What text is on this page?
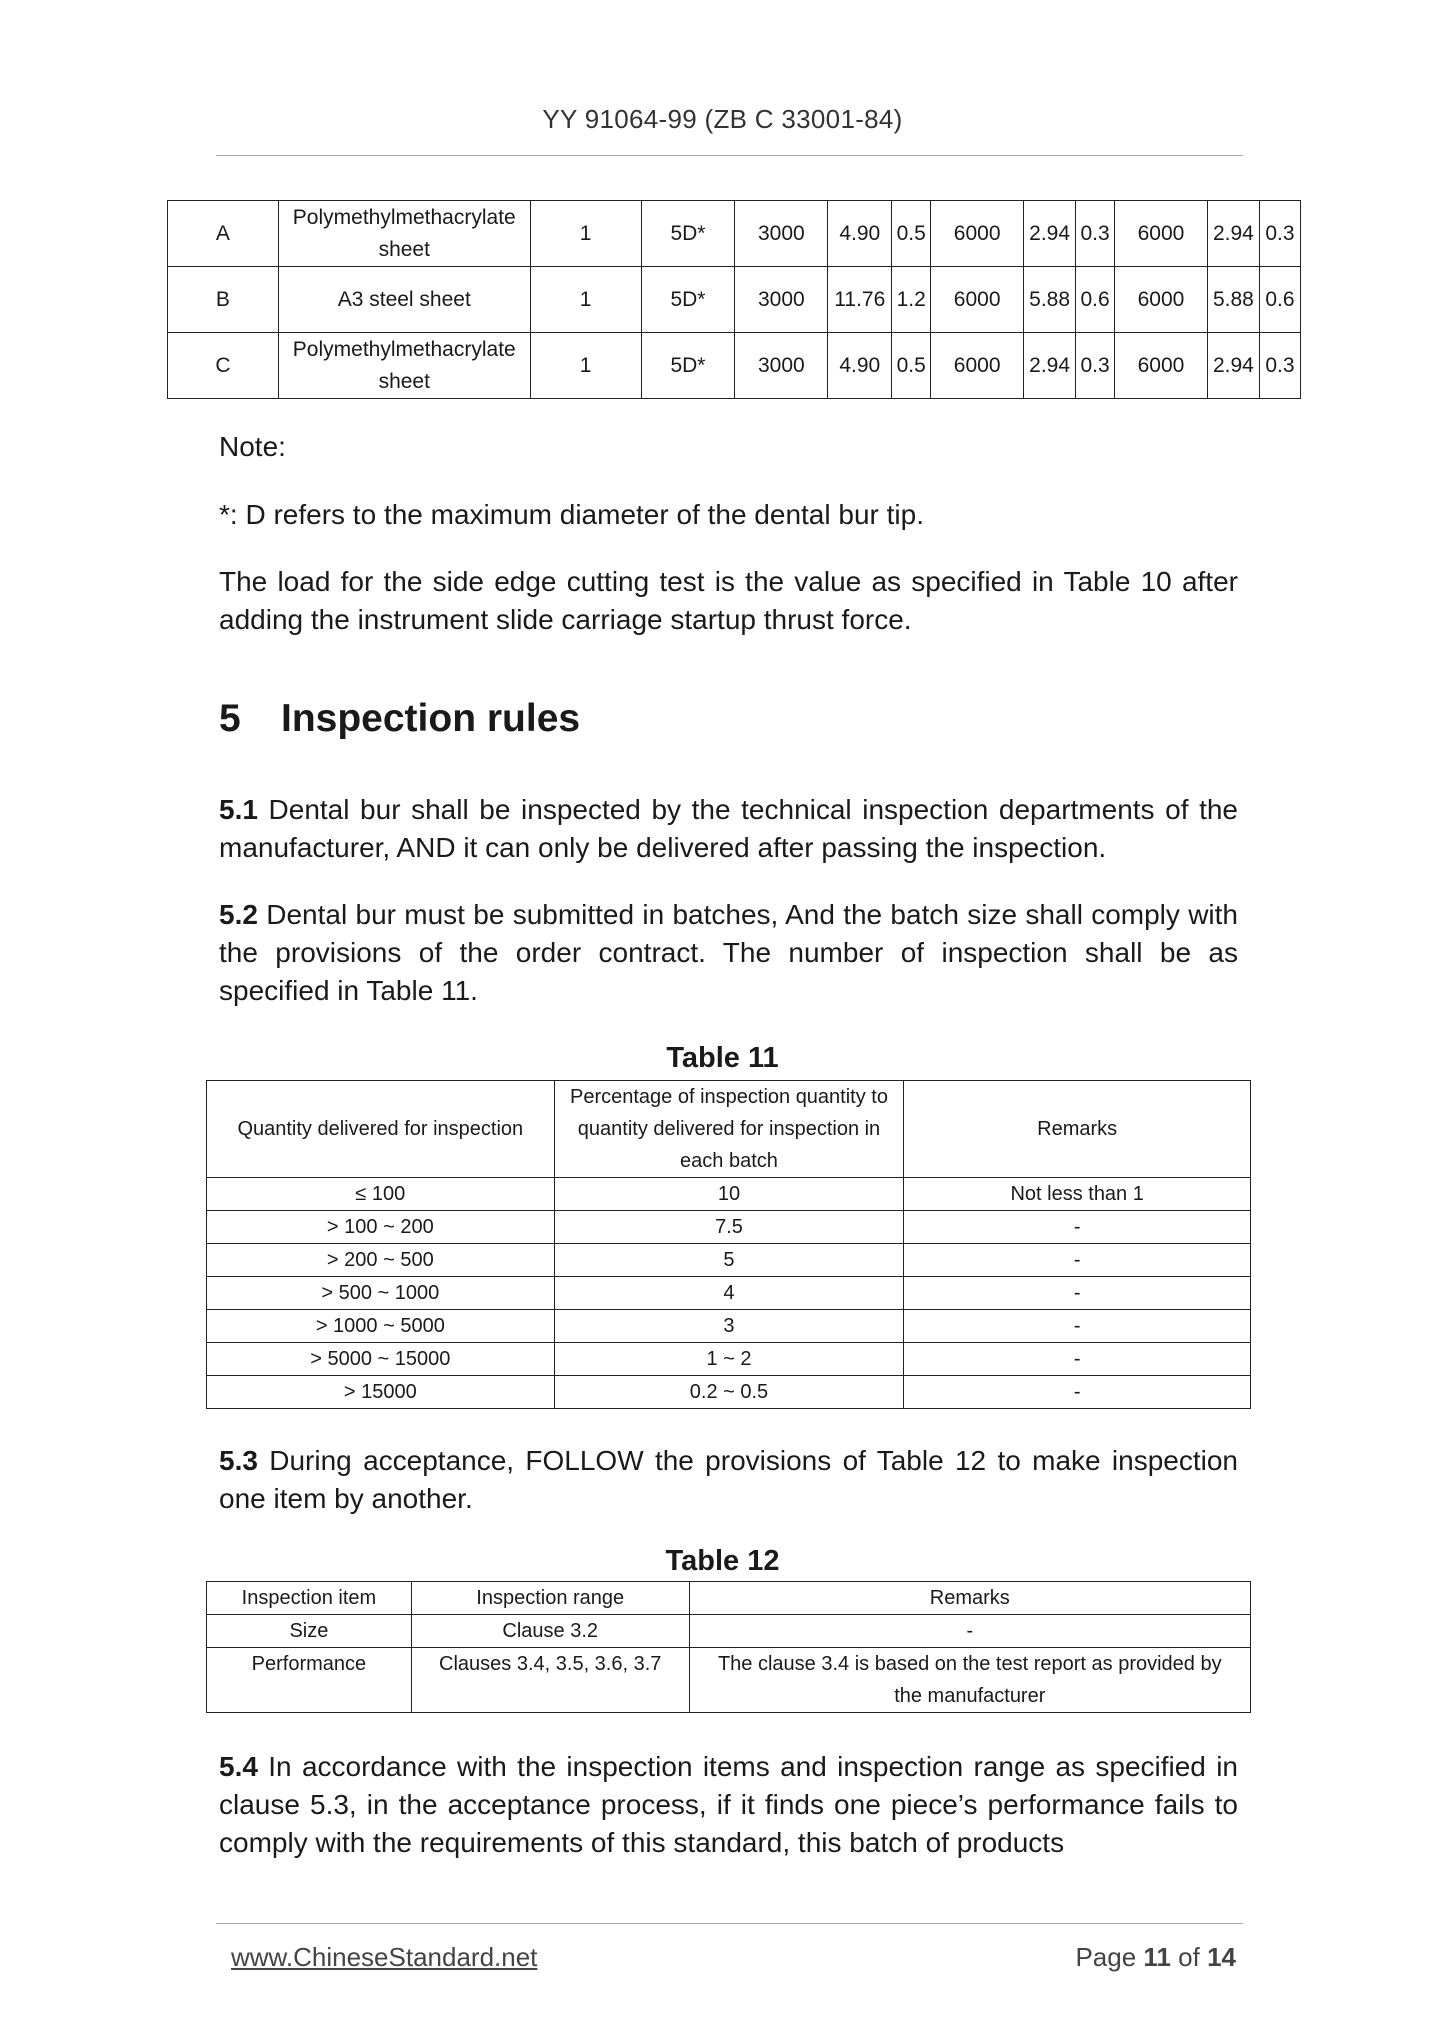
YY 91064-99 (ZB C 33001-84)
A	Polymethylmethacrylate sheet	1	5D*	3000	4.90	0.5	6000	2.94	0.3	6000	2.94	0.3
B	A3 steel sheet	1	5D*	3000	11.76	1.2	6000	5.88	0.6	6000	5.88	0.6
C	Polymethylmethacrylate sheet	1	5D*	3000	4.90	0.5	6000	2.94	0.3	6000	2.94	0.3
Note:
*: D refers to the maximum diameter of the dental bur tip.
The load for the side edge cutting test is the value as specified in Table 10 after adding the instrument slide carriage startup thrust force.
5 Inspection rules
5.1 Dental bur shall be inspected by the technical inspection departments of the manufacturer, AND it can only be delivered after passing the inspection.
5.2 Dental bur must be submitted in batches, And the batch size shall comply with the provisions of the order contract. The number of inspection shall be as specified in Table 11.
Table 11
Quantity delivered for inspection	Percentage of inspection quantity to quantity delivered for inspection in each batch	Remarks
≤ 100	10	Not less than 1
> 100 ~ 200	7.5	-
> 200 ~ 500	5	-
> 500 ~ 1000	4	-
> 1000 ~ 5000	3	-
> 5000 ~ 15000	1 ~ 2	-
> 15000	0.2 ~ 0.5	-
5.3 During acceptance, FOLLOW the provisions of Table 12 to make inspection one item by another.
Table 12
Inspection item	Inspection range	Remarks
Size	Clause 3.2	-
Performance	Clauses 3.4, 3.5, 3.6, 3.7	The clause 3.4 is based on the test report as provided by the manufacturer
5.4 In accordance with the inspection items and inspection range as specified in clause 5.3, in the acceptance process, if it finds one piece’s performance fails to comply with the requirements of this standard, this batch of products
www.ChineseStandard.net	Page 11 of 14
